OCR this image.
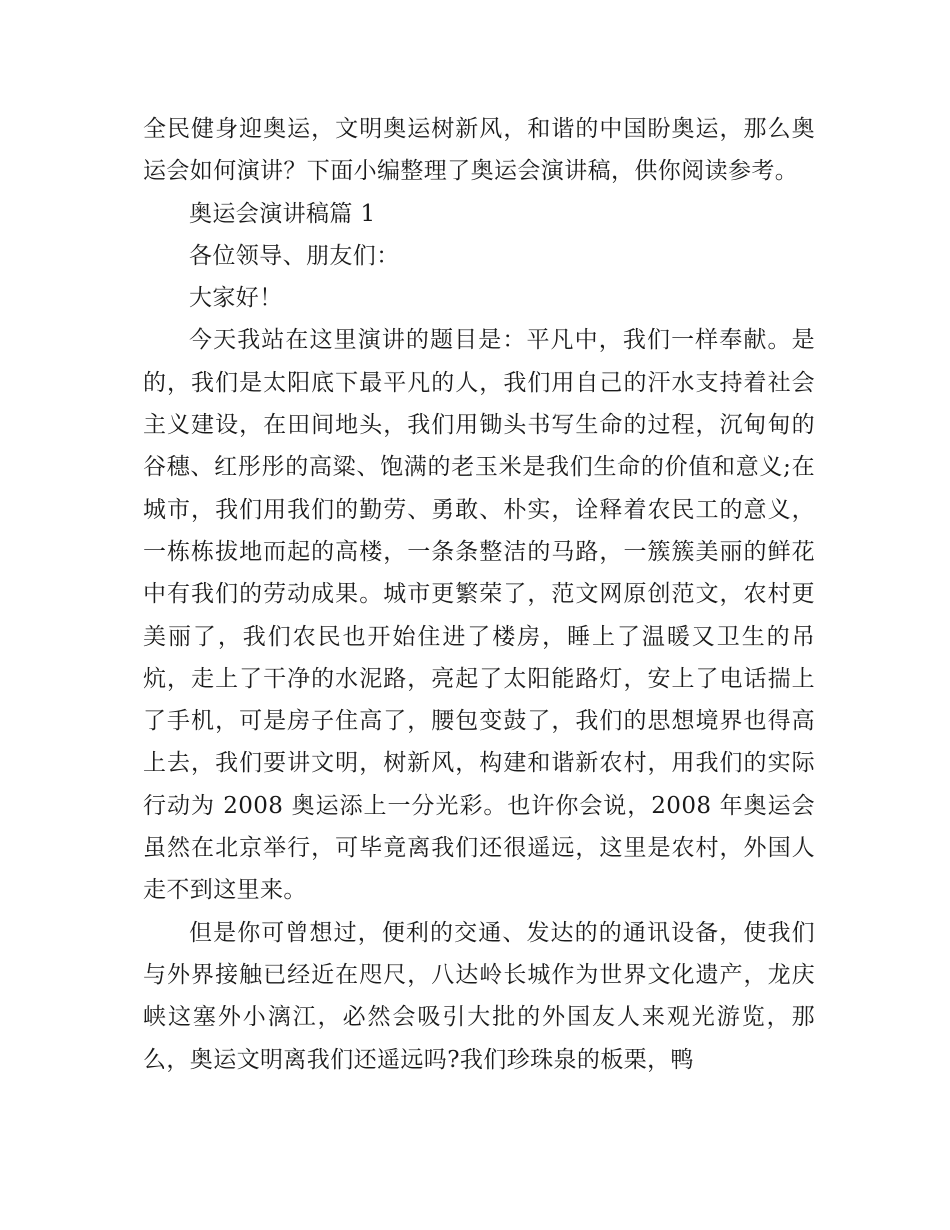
全民健身迎奥运，文明奥运树新风，和谐的中国盼奥运，那么奥运会如何演讲？下面小编整理了奥运会演讲稿，供你阅读参考。

奥运会演讲稿篇 1

各位领导、朋友们：

大家好！

今天我站在这里演讲的题目是：平凡中，我们一样奉献。是的，我们是太阳底下最平凡的人，我们用自己的汗水支持着社会主义建设，在田间地头，我们用锄头书写生命的过程，沉甸甸的谷穗、红彤彤的高粱、饱满的老玉米是我们生命的价值和意义;在城市，我们用我们的勤劳、勇敢、朴实，诠释着农民工的意义，一栋栋拔地而起的高楼，一条条整洁的马路，一簇簇美丽的鲜花中有我们的劳动成果。城市更繁荣了，范文网原创范文，农村更美丽了，我们农民也开始住进了楼房，睡上了温暖又卫生的吊炕，走上了干净的水泥路，亮起了太阳能路灯，安上了电话揣上了手机，可是房子住高了，腰包变鼓了，我们的思想境界也得高上去，我们要讲文明，树新风，构建和谐新农村，用我们的实际行动为 2008 奥运添上一分光彩。也许你会说，2008 年奥运会虽然在北京举行，可毕竟离我们还很遥远，这里是农村，外国人走不到这里来。

但是你可曾想过，便利的交通、发达的的通讯设备，使我们与外界接触已经近在咫尺，八达岭长城作为世界文化遗产，龙庆峡这塞外小漓江，必然会吸引大批的外国友人来观光游览，那么，奥运文明离我们还遥远吗?我们珍珠泉的板栗，鸭
